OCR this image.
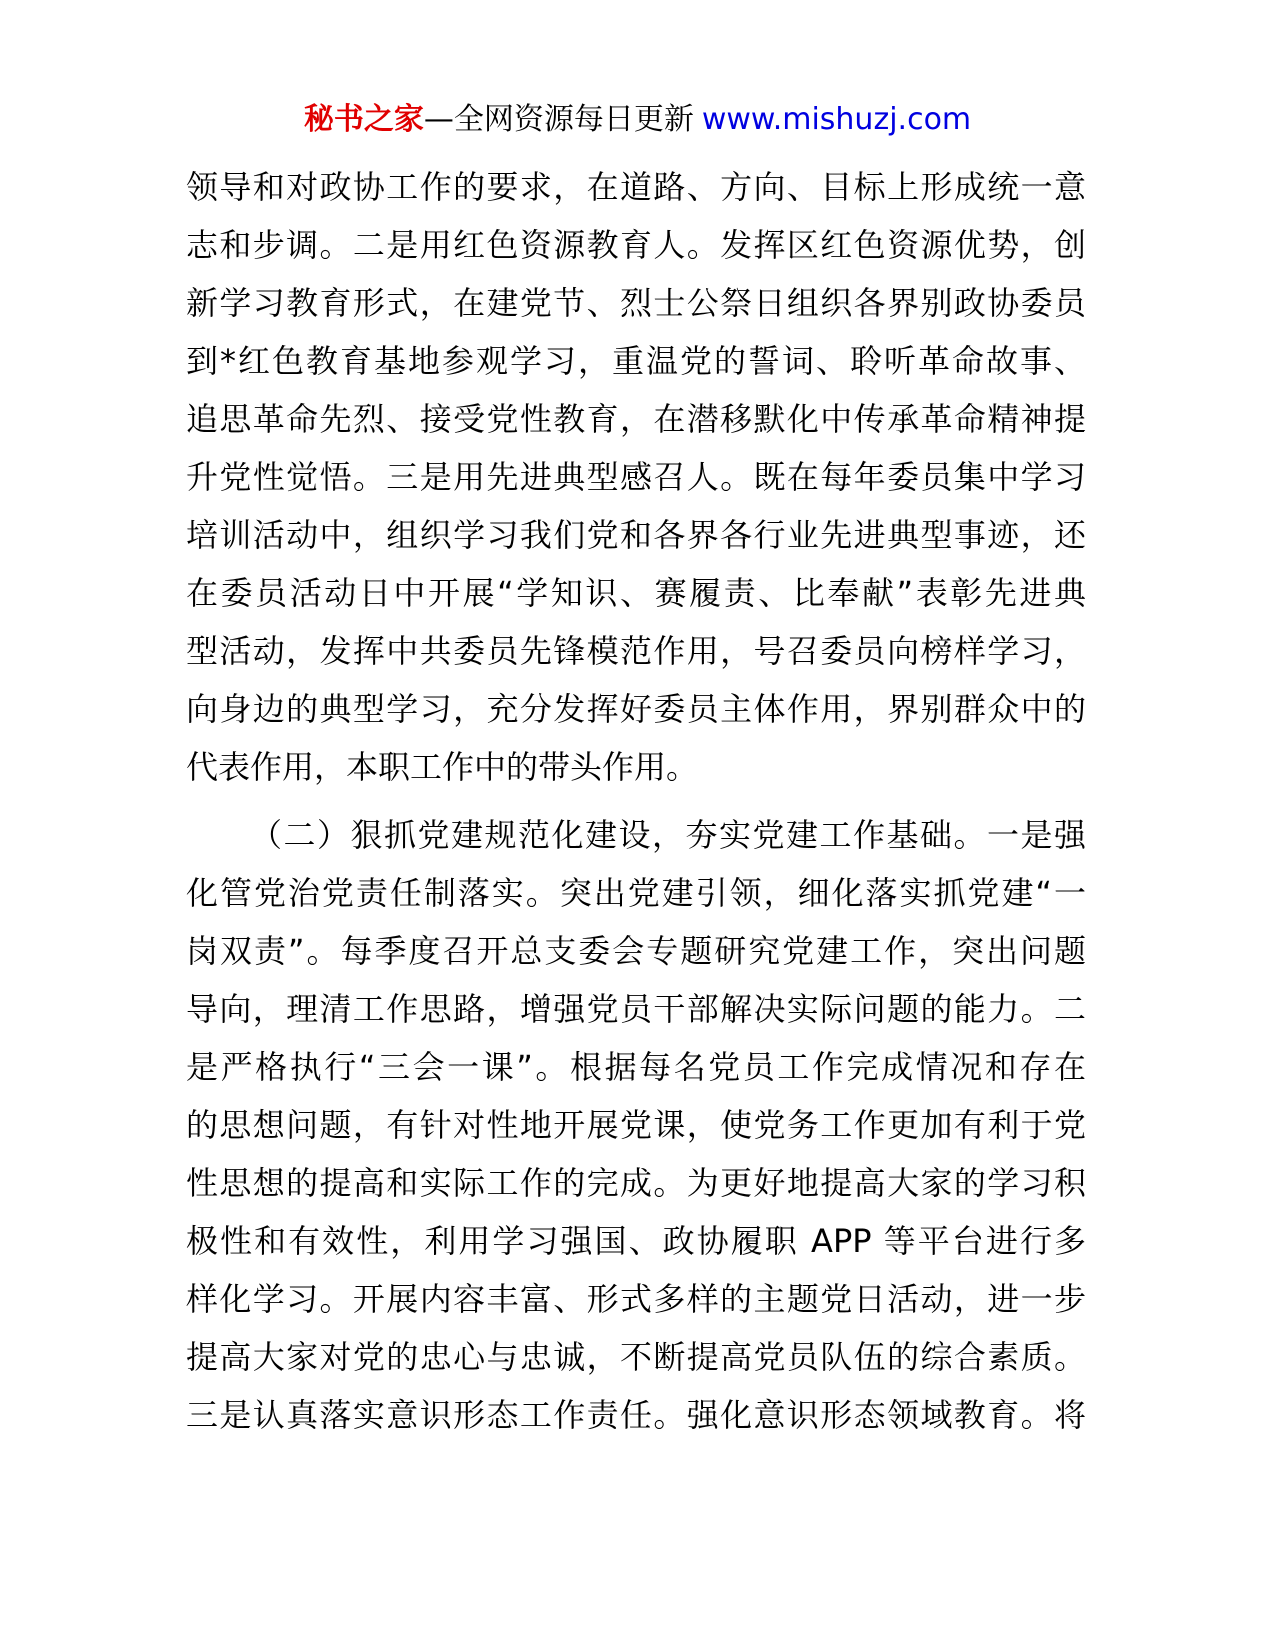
秘书之家—全网资源每日更新 www.mishuzj.com
领导和对政协工作的要求，在道路、方向、目标上形成统一意
志和步调。二是用红色资源教育人。发挥区红色资源优势，创
新学习教育形式，在建党节、烈士公祭日组织各界别政协委员
到*红色教育基地参观学习，重温党的誓词、聆听革命故事、
追思革命先烈、接受党性教育，在潜移默化中传承革命精神提
升党性觉悟。三是用先进典型感召人。既在每年委员集中学习
培训活动中，组织学习我们党和各界各行业先进典型事迹，还
在委员活动日中开展“学知识、赛履责、比奉献”表彰先进典
型活动，发挥中共委员先锋模范作用，号召委员向榜样学习，
向身边的典型学习，充分发挥好委员主体作用，界别群众中的
代表作用，本职工作中的带头作用。
（二）狠抓党建规范化建设，夯实党建工作基础。一是强
化管党治党责任制落实。突出党建引领，细化落实抓党建“一
岗双责”。每季度召开总支委会专题研究党建工作，突出问题
导向，理清工作思路，增强党员干部解决实际问题的能力。二
是严格执行“三会一课”。根据每名党员工作完成情况和存在
的思想问题，有针对性地开展党课，使党务工作更加有利于党
性思想的提高和实际工作的完成。为更好地提高大家的学习积
极性和有效性，利用学习强国、政协履职 APP 等平台进行多
样化学习。开展内容丰富、形式多样的主题党日活动，进一步
提高大家对党的忠心与忠诚，不断提高党员队伍的综合素质。
三是认真落实意识形态工作责任。强化意识形态领域教育。将
